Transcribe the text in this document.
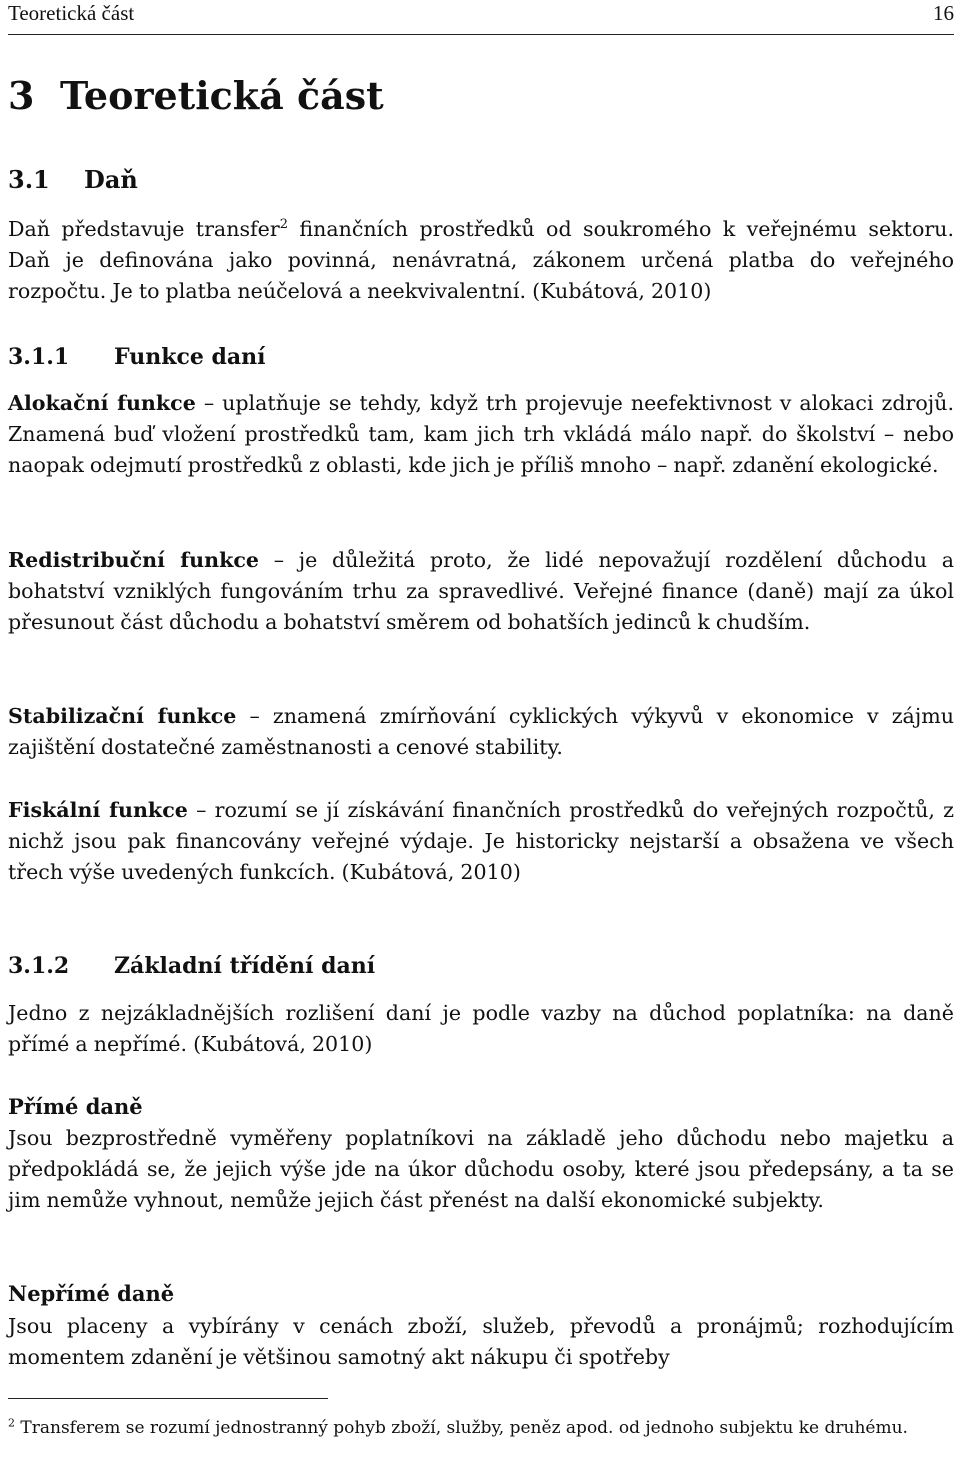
Teoretická část	16
3 Teoretická část
3.1 Daň

Daň představuje transfer$^2$ finančních prostředků od soukromého k veřejnému sektoru. Daň je definována jako povinná, nenávratná, zákonem určená platba do veřejného rozpočtu. Je to platba neúčelová a neekvivalentní. (Kubátová, 2010)

3.1.1 Funkce daní

Alokační funkce – uplatňuje se tehdy, když trh projevuje neefektivnost v alokaci zdrojů. Znamená buď vložení prostředků tam, kam jich trh vkládá málo např. do školství – nebo naopak odejmutí prostředků z oblasti, kde jich je příliš mnoho – např. zdanění ekologické.

Redistribuční funkce – je důležitá proto, že lidé nepovažují rozdělení důchodu a bohatství vzniklých fungováním trhu za spravedlivé. Veřejné finance (daně) mají za úkol přesunout část důchodu a bohatství směrem od bohatších jedinců k chudším.

Stabilizační funkce – znamená zmírňování cyklických výkyvů v ekonomice v zájmu zajištění dostatečné zaměstnanosti a cenové stability.

Fiskální funkce – rozumí se jí získávání finančních prostředků do veřejných rozpočtů, z nichž jsou pak financovány veřejné výdaje. Je historicky nejstarší a obsažena ve všech třech výše uvedených funkcích. (Kubátová, 2010)

3.1.2 Základní třídění daní

Jedno z nejzákladnějších rozlišení daní je podle vazby na důchod poplatníka: na daně přímé a nepřímé. (Kubátová, 2010)

Přímé daně

Jsou bezprostředně vyměřeny poplatníkovi na základě jeho důchodu nebo majetku a předpokládá se, že jejich výše jde na úkor důchodu osoby, které jsou předepsány, a ta se jim nemůže vyhnout, nemůže jejich část přenést na další ekonomické subjekty.

Nepřímé daně

Jsou placeny a vybírány v cenách zboží, služeb, převodů a pronájmů; rozhodujícím momentem zdanění je většinou samotný akt nákupu či spotřeby

$^2$ Transferem se rozumí jednostranný pohyb zboží, služby, peněz apod. od jednoho subjektu ke druhému.
